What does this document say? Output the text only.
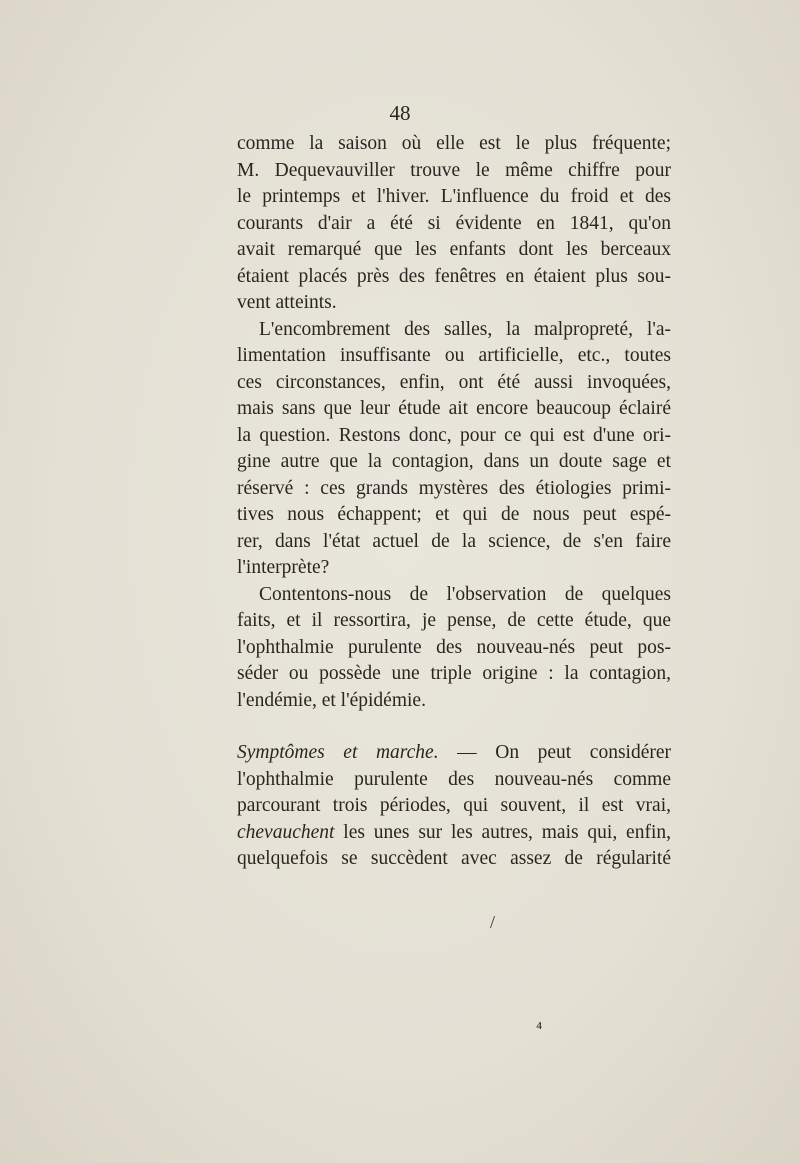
48

comme la saison où elle est le plus fréquente;
M. Dequevauviller trouve le même chiffre pour
le printemps et l'hiver. L'influence du froid et des
courants d'air a été si évidente en 1841, qu'on
avait remarqué que les enfants dont les berceaux
étaient placés près des fenêtres en étaient plus sou-
vent atteints.

L'encombrement des salles, la malpropreté, l'a-
limentation insuffisante ou artificielle, etc., toutes
ces circonstances, enfin, ont été aussi invoquées,
mais sans que leur étude ait encore beaucoup éclairé
la question. Restons donc, pour ce qui est d'une ori-
gine autre que la contagion, dans un doute sage et
réservé : ces grands mystères des étiologies primi-
tives nous échappent; et qui de nous peut espé-
rer, dans l'état actuel de la science, de s'en faire
l'interprète?

Contentons-nous de l'observation de quelques
faits, et il ressortira, je pense, de cette étude, que
l'ophthalmie purulente des nouveau-nés peut pos-
séder ou possède une triple origine : la contagion,
l'endémie, et l'épidémie.

Symptômes et marche. — On peut considérer
l'ophthalmie purulente des nouveau-nés comme
parcourant trois périodes, qui souvent, il est vrai,
chevauchent les unes sur les autres, mais qui, enfin,
quelquefois se succèdent avec assez de régularité

/
⁴
